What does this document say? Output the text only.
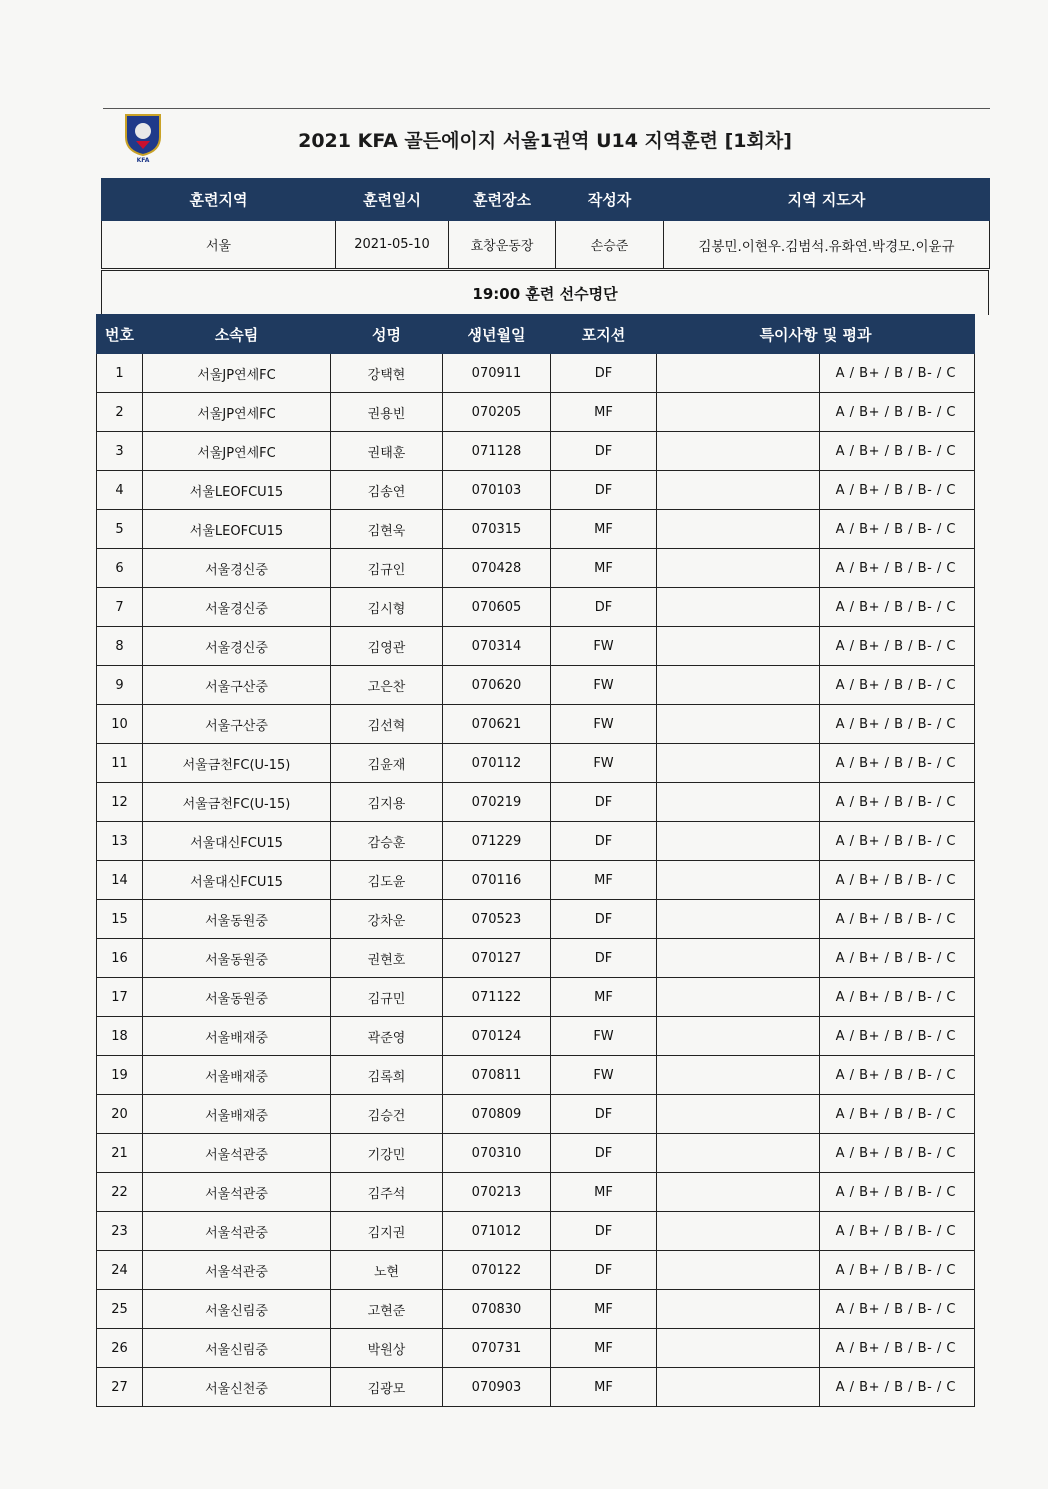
KFA
2021 KFA 골든에이지 서울1권역 U14 지역훈련 [1회차]
훈련지역	훈련일시	훈련장소	작성자	지역 지도자
서울	2021-05-10	효창운동장	손승준	김봉민.이현우.김범석.유화연.박경모.이윤규
19:00 훈련 선수명단
번호	소속팀	성명	생년월일	포지션	특이사항 및 평과	
1	서울JP연세FC	강택현	070911	DF		A / B+ / B / B- / C
2	서울JP연세FC	권용빈	070205	MF		A / B+ / B / B- / C
3	서울JP연세FC	권태훈	071128	DF		A / B+ / B / B- / C
4	서울LEOFCU15	김송연	070103	DF		A / B+ / B / B- / C
5	서울LEOFCU15	김현욱	070315	MF		A / B+ / B / B- / C
6	서울경신중	김규인	070428	MF		A / B+ / B / B- / C
7	서울경신중	김시형	070605	DF		A / B+ / B / B- / C
8	서울경신중	김영관	070314	FW		A / B+ / B / B- / C
9	서울구산중	고은찬	070620	FW		A / B+ / B / B- / C
10	서울구산중	김선혁	070621	FW		A / B+ / B / B- / C
11	서울금천FC(U-15)	김윤재	070112	FW		A / B+ / B / B- / C
12	서울금천FC(U-15)	김지용	070219	DF		A / B+ / B / B- / C
13	서울대신FCU15	감승훈	071229	DF		A / B+ / B / B- / C
14	서울대신FCU15	김도윤	070116	MF		A / B+ / B / B- / C
15	서울동원중	강차운	070523	DF		A / B+ / B / B- / C
16	서울동원중	권현호	070127	DF		A / B+ / B / B- / C
17	서울동원중	김규민	071122	MF		A / B+ / B / B- / C
18	서울배재중	곽준영	070124	FW		A / B+ / B / B- / C
19	서울배재중	김록희	070811	FW		A / B+ / B / B- / C
20	서울배재중	김승건	070809	DF		A / B+ / B / B- / C
21	서울석관중	기강민	070310	DF		A / B+ / B / B- / C
22	서울석관중	김주석	070213	MF		A / B+ / B / B- / C
23	서울석관중	김지권	071012	DF		A / B+ / B / B- / C
24	서울석관중	노현	070122	DF		A / B+ / B / B- / C
25	서울신림중	고현준	070830	MF		A / B+ / B / B- / C
26	서울신림중	박원상	070731	MF		A / B+ / B / B- / C
27	서울신천중	김광모	070903	MF		A / B+ / B / B- / C
